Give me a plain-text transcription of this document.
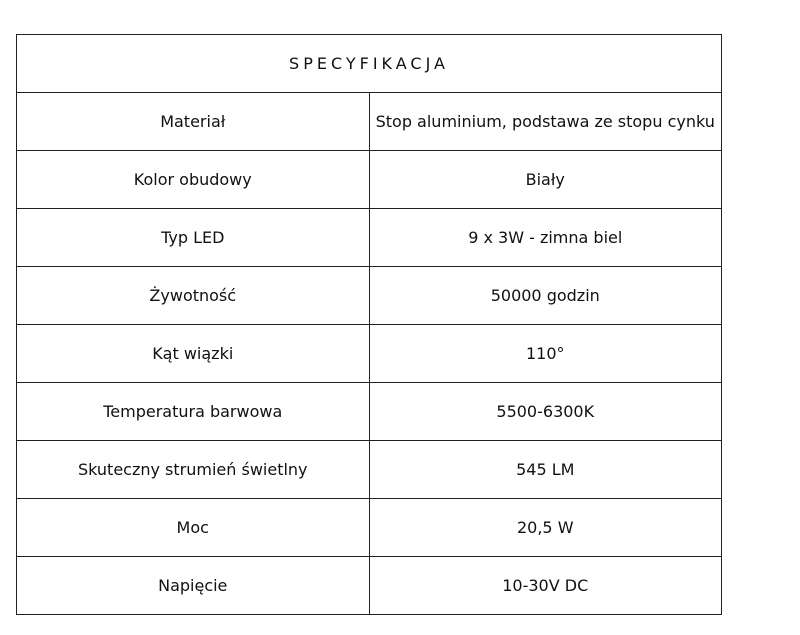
SPECYFIKACJA	
Materiał	Stop aluminium, podstawa ze stopu cynku
Kolor obudowy	Biały
Typ LED	9 x 3W - zimna biel
Żywotność	50000 godzin
Kąt wiązki	110°
Temperatura barwowa	5500-6300K
Skuteczny strumień świetlny	545 LM
Moc	20,5 W
Napięcie	10-30V DC
